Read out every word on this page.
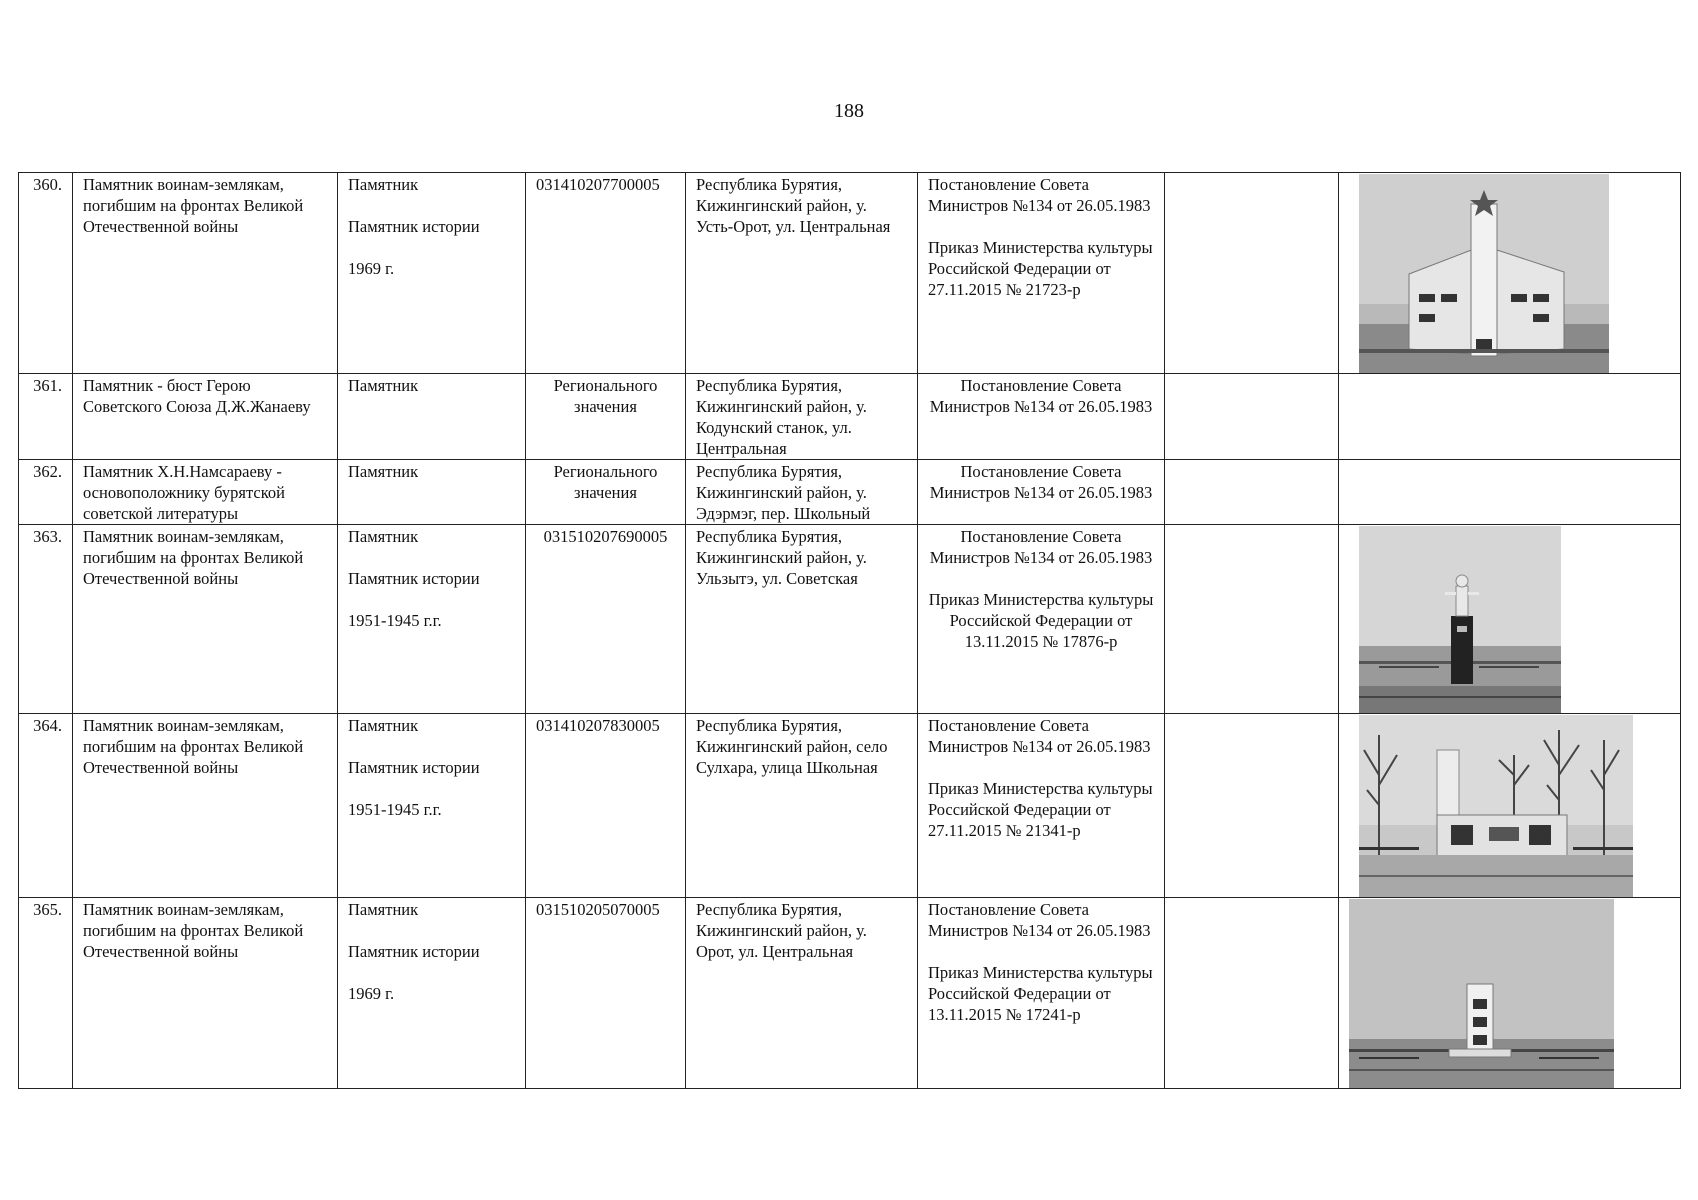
188
360.	Памятник воинам-землякам, погибшим на фронтах Великой Отечественной войны	Памятник
Памятник истории
1969 г.	031410207700005	Республика Бурятия, Кижингинский район, у. Усть-Орот, ул. Центральная	Постановление Совета Министров №134 от 26.05.1983
Приказ Министерства культуры Российской Федерации от 27.11.2015 № 21723-р

361.	Памятник - бюст Герою Советского Союза Д.Ж.Жанаеву	Памятник	Регионального значения	Республика Бурятия, Кижингинский район, у. Кодунский станок, ул. Центральная	Постановление Совета Министров №134 от 26.05.1983		

362.	Памятник Х.Н.Намсараеву - основоположнику бурятской советской литературы	Памятник	Регионального значения	Республика Бурятия, Кижингинский район, у. Эдэрмэг, пер. Школьный	Постановление Совета Министров №134 от 26.05.1983		

363.	Памятник воинам-землякам, погибшим на фронтах Великой Отечественной войны	Памятник
Памятник истории
1951-1945 г.г.	031510207690005	Республика Бурятия, Кижингинский район, у. Ульзытэ, ул. Советская	Постановление Совета Министров №134 от 26.05.1983
Приказ Министерства культуры Российской Федерации от 13.11.2015 № 17876-р

364.	Памятник воинам-землякам, погибшим на фронтах Великой Отечественной войны	Памятник
Памятник истории
1951-1945 г.г.	031410207830005	Республика Бурятия, Кижингинский район, село Сулхара, улица Школьная	Постановление Совета Министров №134 от 26.05.1983
Приказ Министерства культуры Российской Федерации от 27.11.2015 № 21341-р

365.	Памятник воинам-землякам, погибшим на фронтах Великой Отечественной войны	Памятник
Памятник истории
1969 г.	031510205070005	Республика Бурятия, Кижингинский район, у. Орот, ул. Центральная	Постановление Совета Министров №134 от 26.05.1983
Приказ Министерства культуры Российской Федерации от 13.11.2015 № 17241-р
